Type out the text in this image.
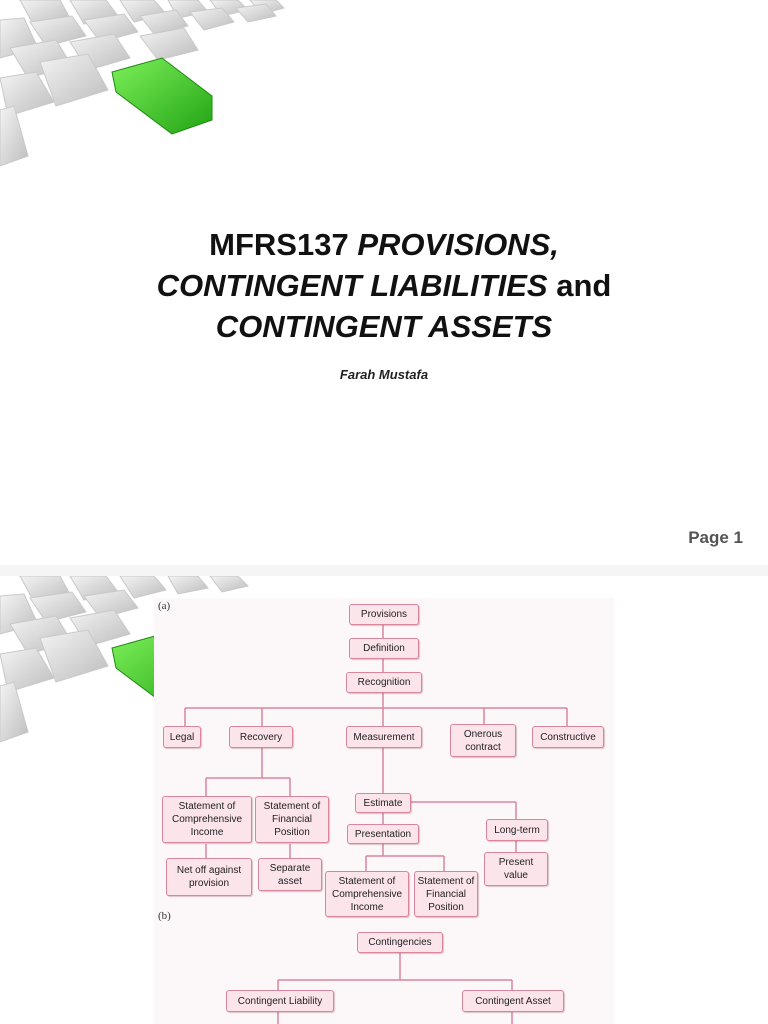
MFRS137 PROVISIONS,
CONTINGENT LIABILITIES and
CONTINGENT ASSETS
Farah Mustafa
Page 1
(a)
Provisions
Definition
Recognition
Legal	Recovery	Measurement	Onerous contract
Constructive
Statement of Comprehensive Income
Statement of Financial Position
Estimate
Presentation	Long-term
Net off against provision
Separate asset	Statement of Comprehensive Income
Statement of Financial Position
Present value
(b)
Contingencies
Contingent Liability	Contingent Asset
